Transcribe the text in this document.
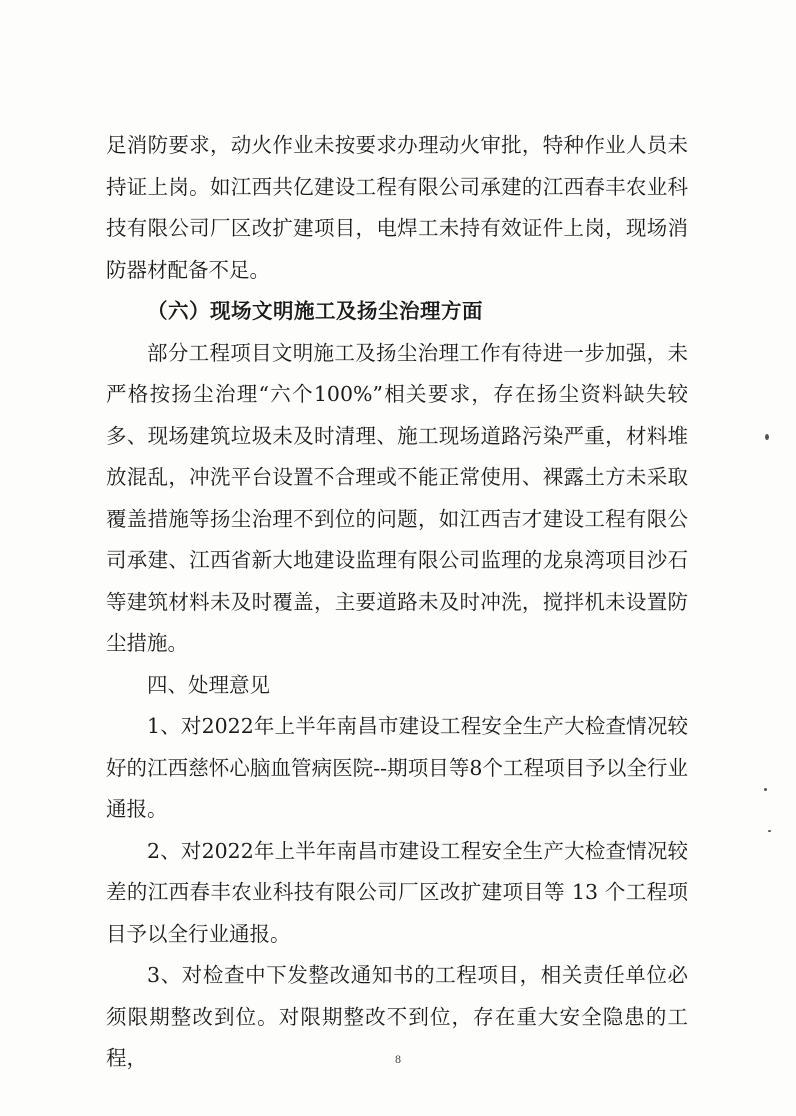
足消防要求，动火作业未按要求办理动火审批，特种作业人员未持证上岗。如江西共亿建设工程有限公司承建的江西春丰农业科技有限公司厂区改扩建项目，电焊工未持有效证件上岗，现场消防器材配备不足。

（六）现场文明施工及扬尘治理方面

部分工程项目文明施工及扬尘治理工作有待进一步加强，未严格按扬尘治理“六个100%”相关要求，存在扬尘资料缺失较多、现场建筑垃圾未及时清理、施工现场道路污染严重，材料堆放混乱，冲洗平台设置不合理或不能正常使用、裸露土方未采取覆盖措施等扬尘治理不到位的问题，如江西吉才建设工程有限公司承建、江西省新大地建设监理有限公司监理的龙泉湾项目沙石等建筑材料未及时覆盖，主要道路未及时冲洗，搅拌机未设置防尘措施。

四、处理意见

1、对2022年上半年南昌市建设工程安全生产大检查情况较好的江西慈怀心脑血管病医院--期项目等8个工程项目予以全行业通报。

2、对2022年上半年南昌市建设工程安全生产大检查情况较差的江西春丰农业科技有限公司厂区改扩建项目等 13 个工程项目予以全行业通报。

3、对检查中下发整改通知书的工程项目，相关责任单位必须限期整改到位。对限期整改不到位，存在重大安全隐患的工程，	8
